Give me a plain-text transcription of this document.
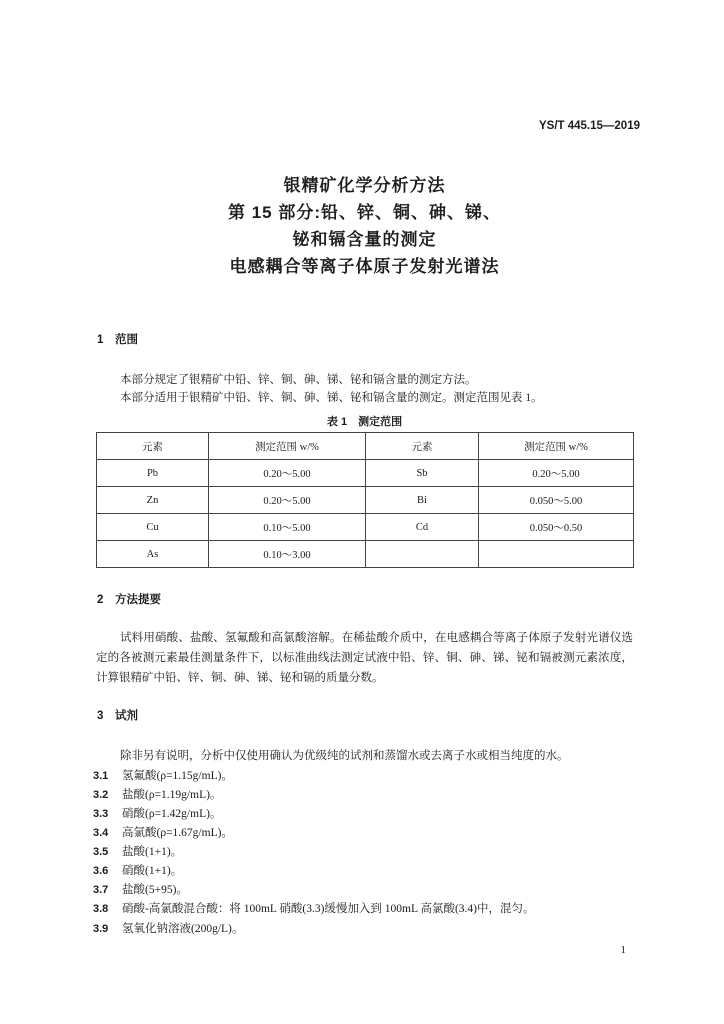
YS/T 445.15—2019
银精矿化学分析方法
第 15 部分:铅、锌、铜、砷、锑、
铋和镉含量的测定
电感耦合等离子体原子发射光谱法
1 范围

本部分规定了银精矿中铅、锌、铜、砷、锑、铋和镉含量的测定方法。

本部分适用于银精矿中铅、锌、铜、砷、锑、铋和镉含量的测定。测定范围见表 1。

表 1　测定范围
元素	测定范围 w/%	元素	测定范围 w/%
Pb	0.20～5.00	Sb	0.20～5.00
Zn	0.20～5.00	Bi	0.050～5.00
Cu	0.10～5.00	Cd	0.050～0.50
As	0.10～3.00		
2 方法提要

试料用硝酸、盐酸、氢氟酸和高氯酸溶解。在稀盐酸介质中，在电感耦合等离子体原子发射光谱仪选定的各被测元素最佳测量条件下，以标准曲线法测定试液中铅、锌、铜、砷、锑、铋和镉被测元素浓度，计算银精矿中铅、锌、铜、砷、锑、铋和镉的质量分数。

3 试剂

除非另有说明，分析中仅使用确认为优级纯的试剂和蒸馏水或去离子水或相当纯度的水。

3.1 氢氟酸(ρ=1.15g/mL)。
3.2 盐酸(ρ=1.19g/mL)。
3.3 硝酸(ρ=1.42g/mL)。
3.4 高氯酸(ρ=1.67g/mL)。
3.5 盐酸(1+1)。
3.6 硝酸(1+1)。
3.7 盐酸(5+95)。
3.8 硝酸-高氯酸混合酸：将 100mL 硝酸(3.3)缓慢加入到 100mL 高氯酸(3.4)中，混匀。
3.9 氢氧化钠溶液(200g/L)。
1
